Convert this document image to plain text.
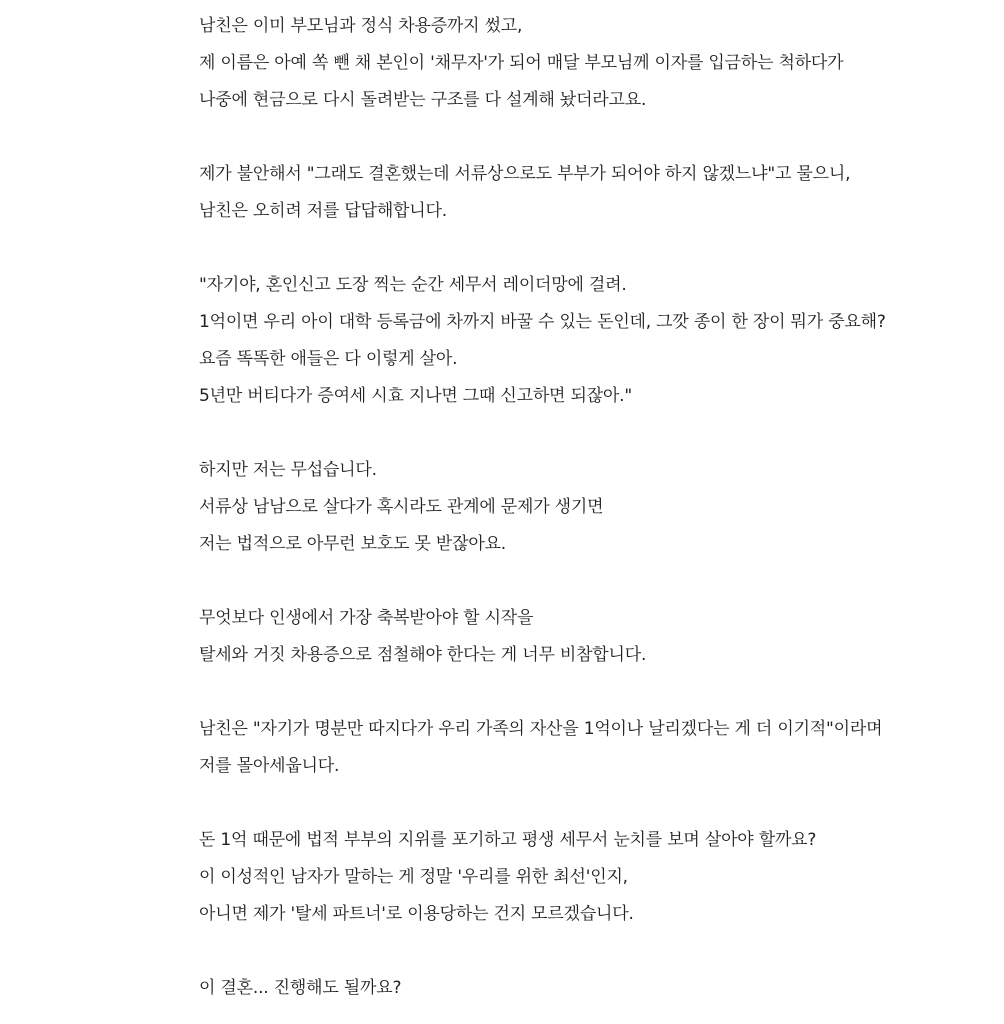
남친은 이미 부모님과 정식 차용증까지 썼고,
제 이름은 아예 쏙 뺀 채 본인이 '채무자'가 되어 매달 부모님께 이자를 입금하는 척하다가
나중에 현금으로 다시 돌려받는 구조를 다 설계해 놨더라고요.
제가 불안해서 "그래도 결혼했는데 서류상으로도 부부가 되어야 하지 않겠느냐"고 물으니,
남친은 오히려 저를 답답해합니다.
"자기야, 혼인신고 도장 찍는 순간 세무서 레이더망에 걸려.
1억이면 우리 아이 대학 등록금에 차까지 바꿀 수 있는 돈인데, 그깟 종이 한 장이 뭐가 중요해?
요즘 똑똑한 애들은 다 이렇게 살아.
5년만 버티다가 증여세 시효 지나면 그때 신고하면 되잖아."
하지만 저는 무섭습니다.
서류상 남남으로 살다가 혹시라도 관계에 문제가 생기면
저는 법적으로 아무런 보호도 못 받잖아요.
무엇보다 인생에서 가장 축복받아야 할 시작을
탈세와 거짓 차용증으로 점철해야 한다는 게 너무 비참합니다.
남친은 "자기가 명분만 따지다가 우리 가족의 자산을 1억이나 날리겠다는 게 더 이기적"이라며
저를 몰아세웁니다.
돈 1억 때문에 법적 부부의 지위를 포기하고 평생 세무서 눈치를 보며 살아야 할까요?
이 이성적인 남자가 말하는 게 정말 '우리를 위한 최선'인지,
아니면 제가 '탈세 파트너'로 이용당하는 건지 모르겠습니다.
이 결혼... 진행해도 될까요?
